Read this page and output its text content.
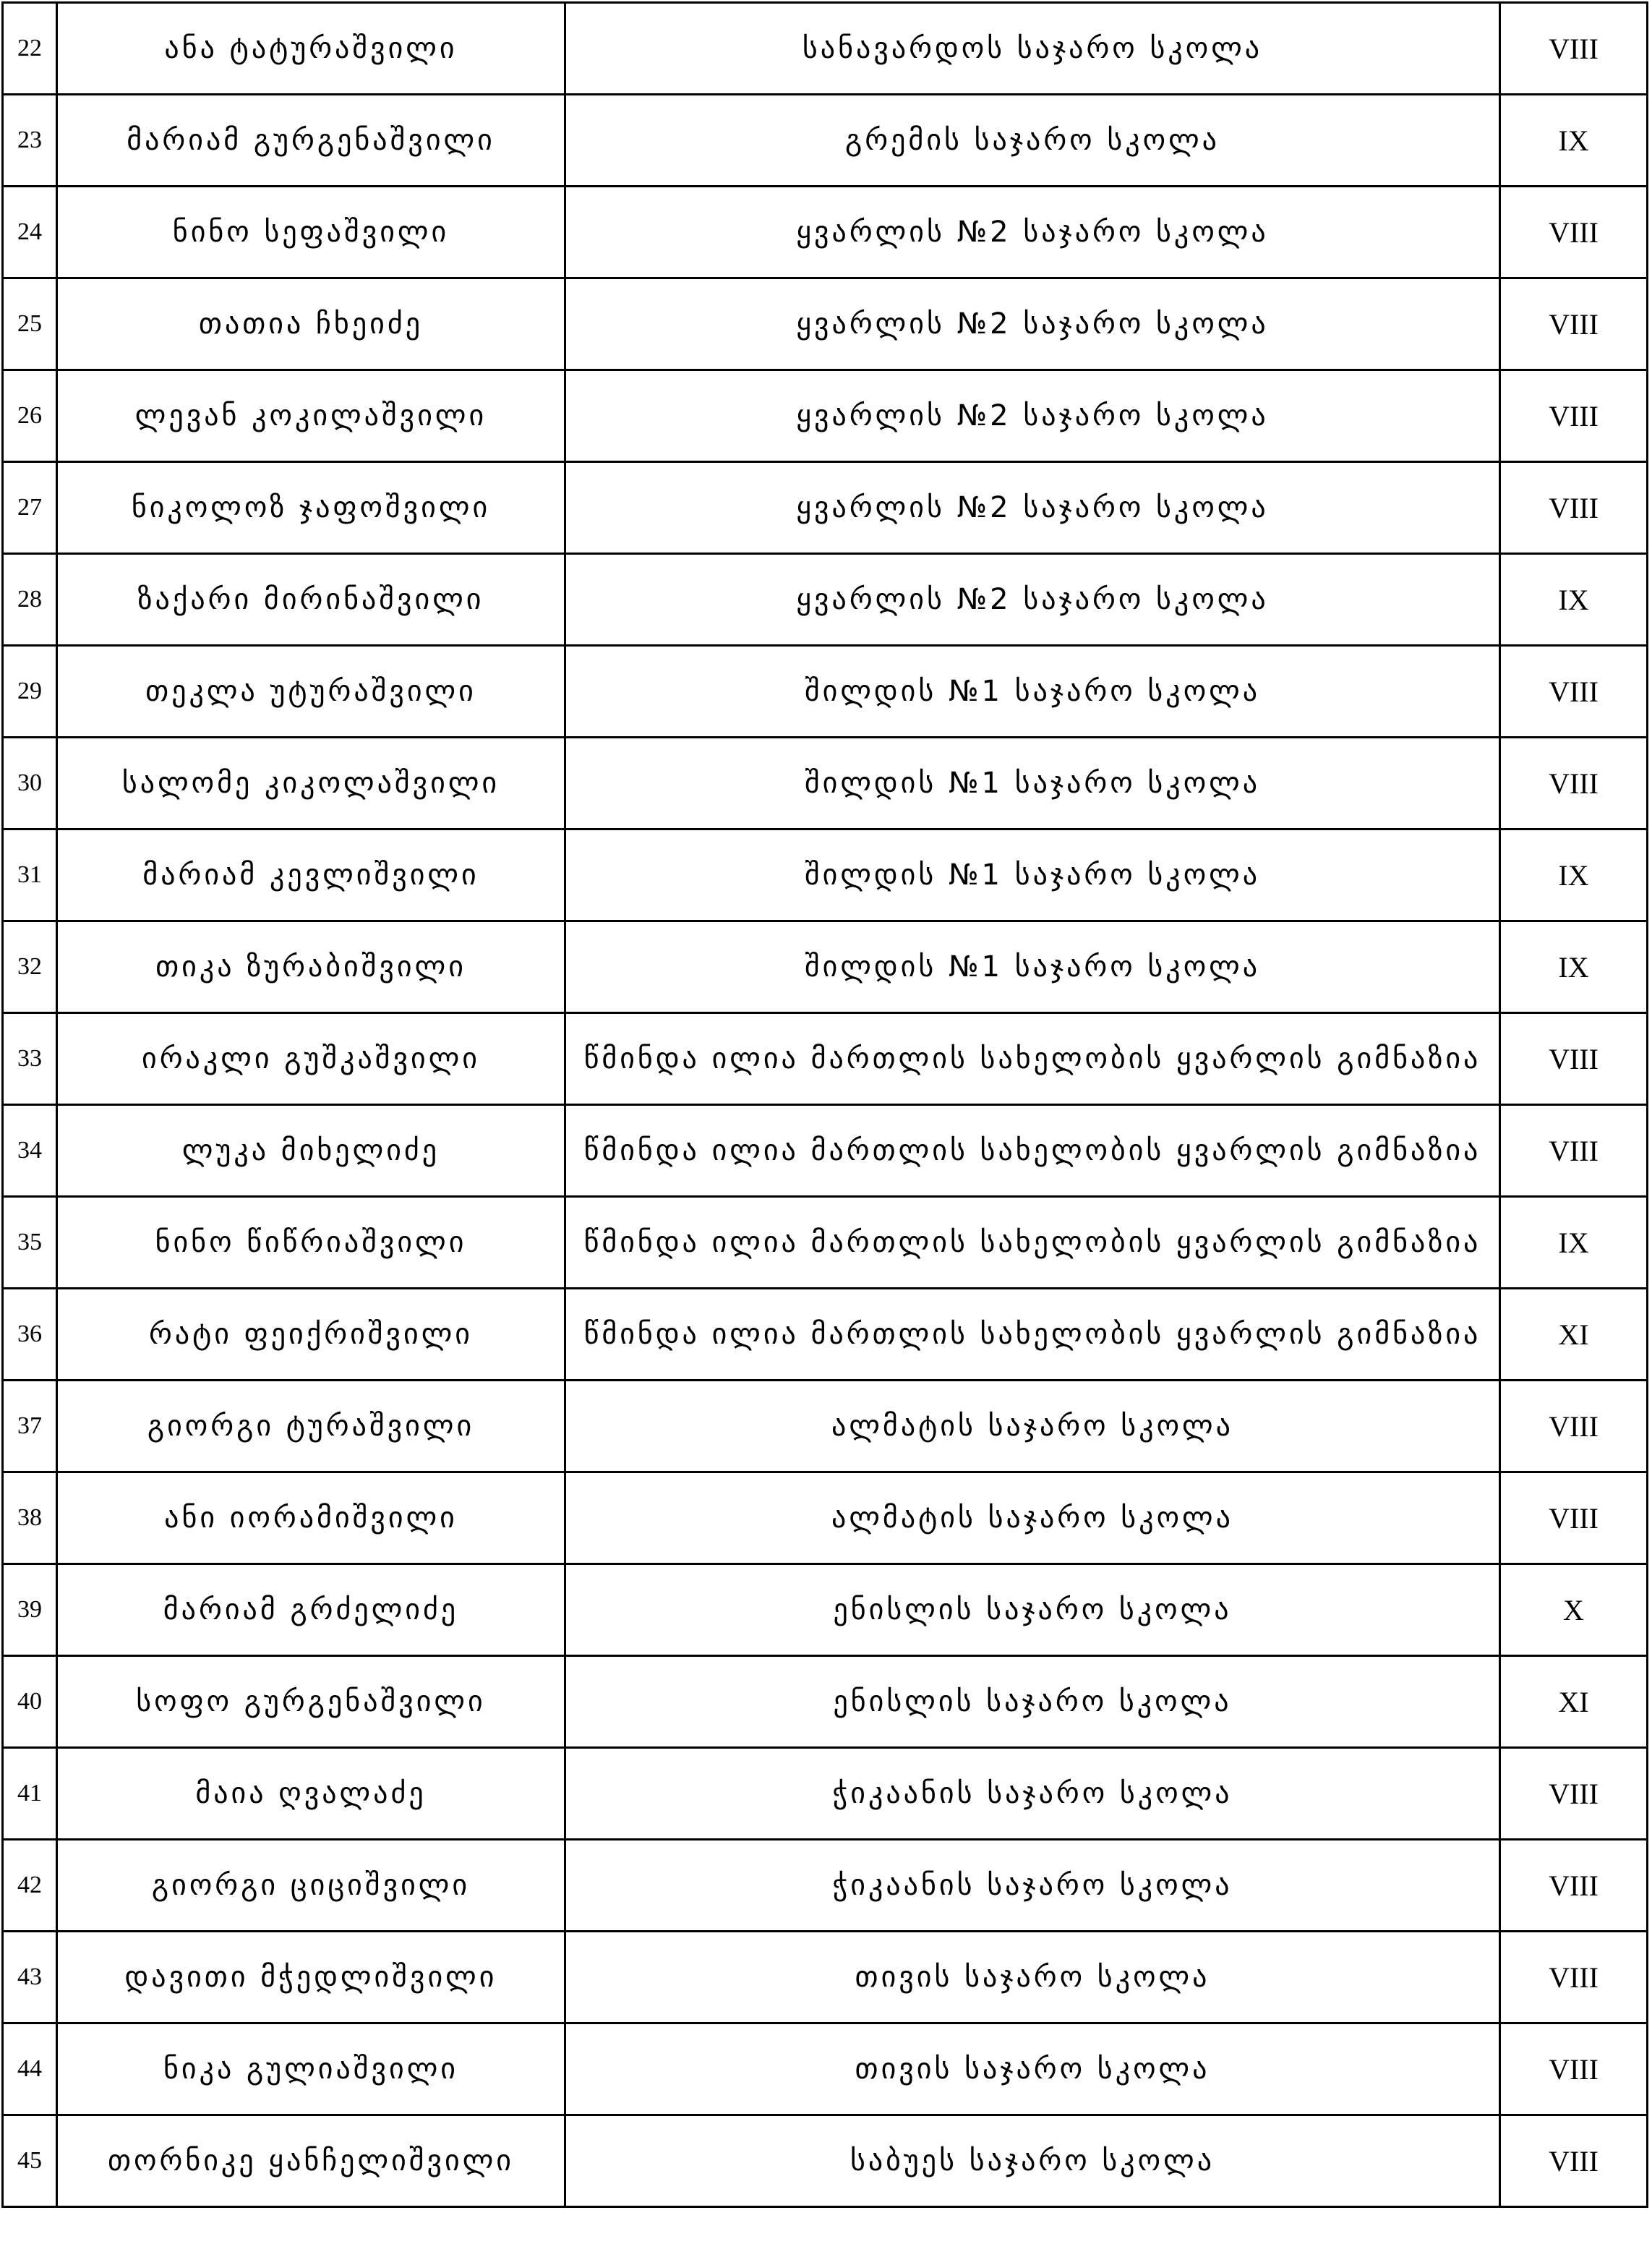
22	ანა ტატურაშვილი	სანავარდოს საჯარო სკოლა	VIII
23	მარიამ გურგენაშვილი	გრემის საჯარო სკოლა	IX
24	ნინო სეფაშვილი	ყვარლის №2 საჯარო სკოლა	VIII
25	თათია ჩხეიძე	ყვარლის №2 საჯარო სკოლა	VIII
26	ლევან კოკილაშვილი	ყვარლის №2 საჯარო სკოლა	VIII
27	ნიკოლოზ ჯაფოშვილი	ყვარლის №2 საჯარო სკოლა	VIII
28	ზაქარი მირინაშვილი	ყვარლის №2 საჯარო სკოლა	IX
29	თეკლა უტურაშვილი	შილდის №1 საჯარო სკოლა	VIII
30	სალომე კიკოლაშვილი	შილდის №1 საჯარო სკოლა	VIII
31	მარიამ კევლიშვილი	შილდის №1 საჯარო სკოლა	IX
32	თიკა ზურაბიშვილი	შილდის №1 საჯარო სკოლა	IX
33	ირაკლი გუშკაშვილი	წმინდა ილია მართლის სახელობის ყვარლის გიმნაზია	VIII
34	ლუკა მიხელიძე	წმინდა ილია მართლის სახელობის ყვარლის გიმნაზია	VIII
35	ნინო წიწრიაშვილი	წმინდა ილია მართლის სახელობის ყვარლის გიმნაზია	IX
36	რატი ფეიქრიშვილი	წმინდა ილია მართლის სახელობის ყვარლის გიმნაზია	XI
37	გიორგი ტურაშვილი	ალმატის საჯარო სკოლა	VIII
38	ანი იორამიშვილი	ალმატის საჯარო სკოლა	VIII
39	მარიამ გრძელიძე	ენისლის საჯარო სკოლა	X
40	სოფო გურგენაშვილი	ენისლის საჯარო სკოლა	XI
41	მაია ღვალაძე	ჭიკაანის საჯარო სკოლა	VIII
42	გიორგი ციციშვილი	ჭიკაანის საჯარო სკოლა	VIII
43	დავითი მჭედლიშვილი	თივის საჯარო სკოლა	VIII
44	ნიკა გულიაშვილი	თივის საჯარო სკოლა	VIII
45	თორნიკე ყანჩელიშვილი	საბუეს საჯარო სკოლა	VIII
